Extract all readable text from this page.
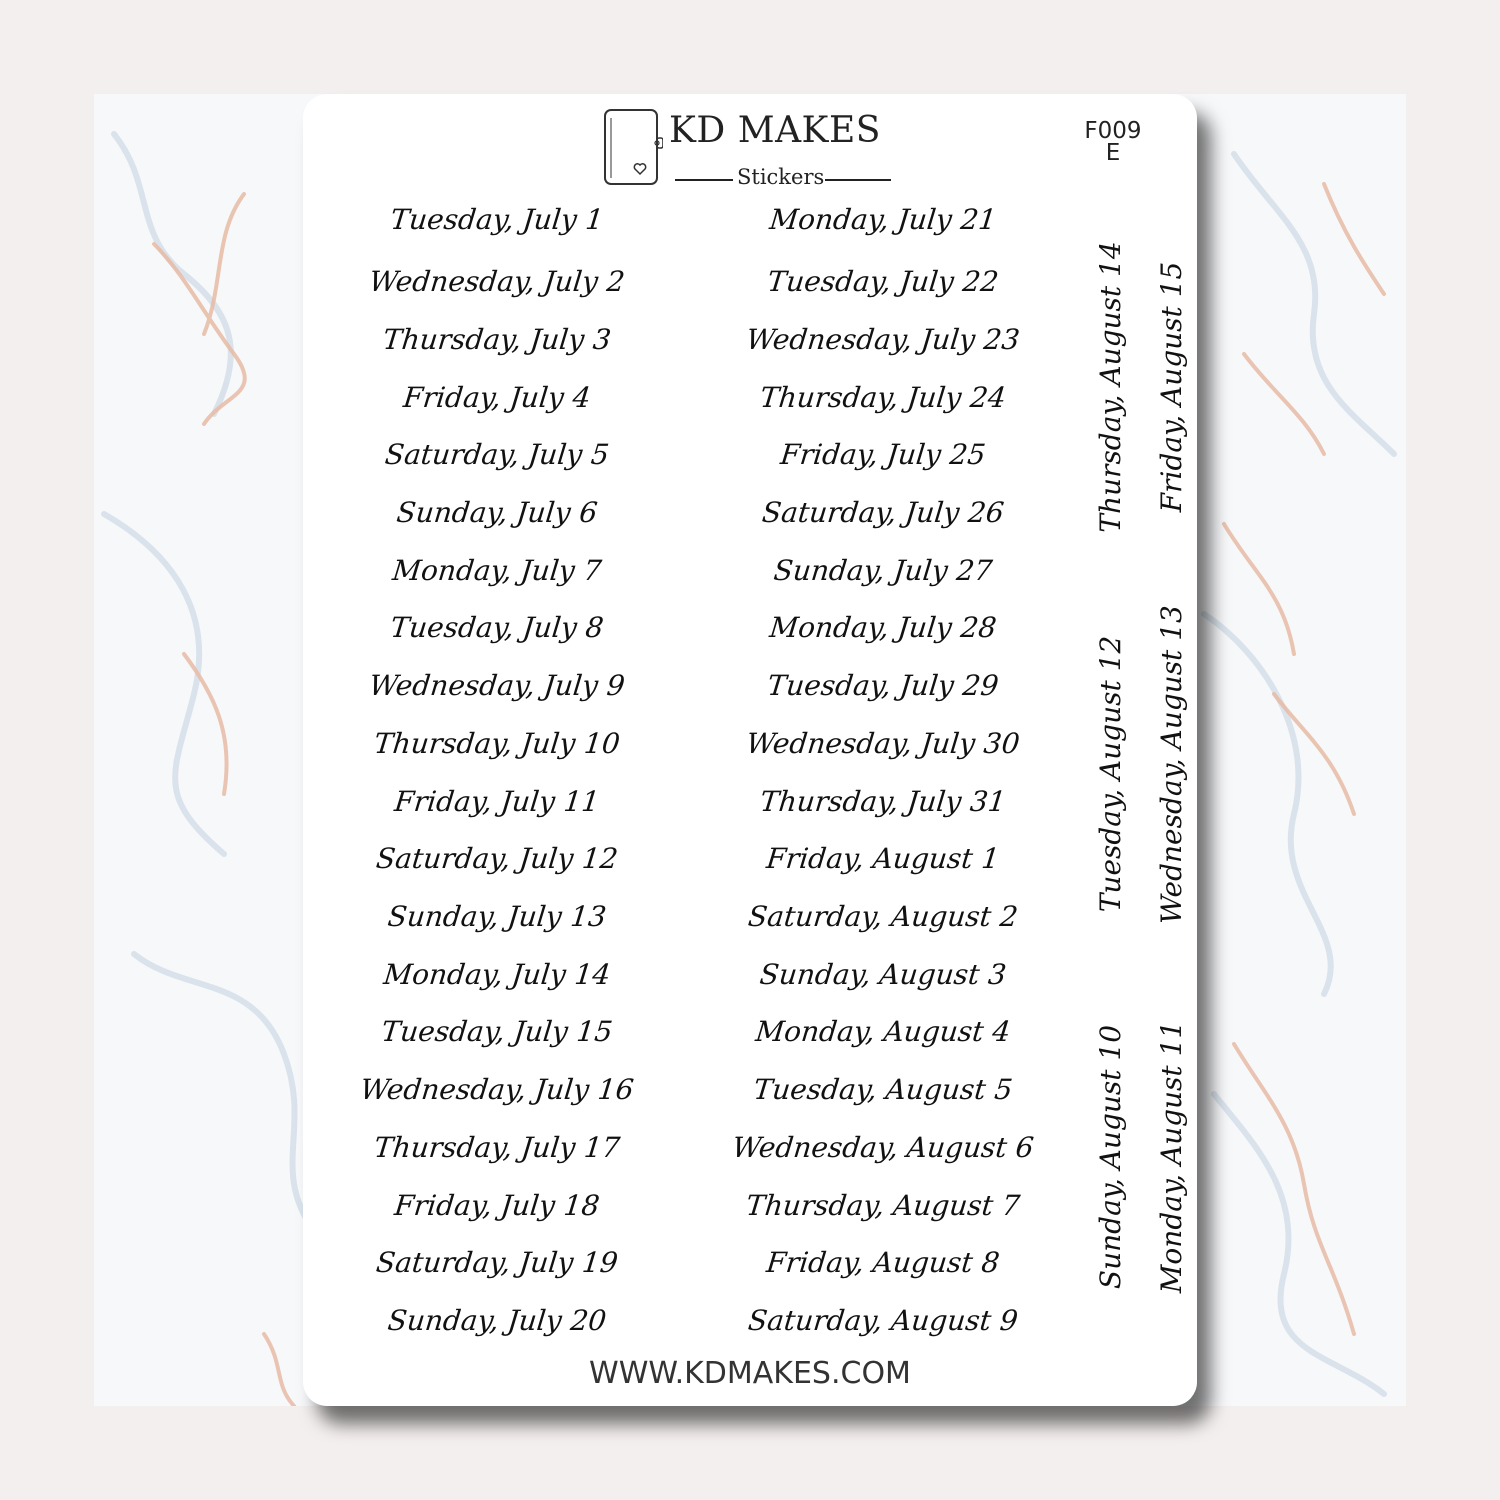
KD MAKES
Stickers
F009
E
Tuesday, July 1
Wednesday, July 2
Thursday, July 3
Friday, July 4
Saturday, July 5
Sunday, July 6
Monday, July 7
Tuesday, July 8
Wednesday, July 9
Thursday, July 10
Friday, July 11
Saturday, July 12
Sunday, July 13
Monday, July 14
Tuesday, July 15
Wednesday, July 16
Thursday, July 17
Friday, July 18
Saturday, July 19
Sunday, July 20
Monday, July 21
Tuesday, July 22
Wednesday, July 23
Thursday, July 24
Friday, July 25
Saturday, July 26
Sunday, July 27
Monday, July 28
Tuesday, July 29
Wednesday, July 30
Thursday, July 31
Friday, August 1
Saturday, August 2
Sunday, August 3
Monday, August 4
Tuesday, August 5
Wednesday, August 6
Thursday, August 7
Friday, August 8
Saturday, August 9
Thursday, August 14 Friday, August 15
Tuesday, August 12 Wednesday, August 13
Sunday, August 10 Monday, August 11
WWW.KDMAKES.COM
